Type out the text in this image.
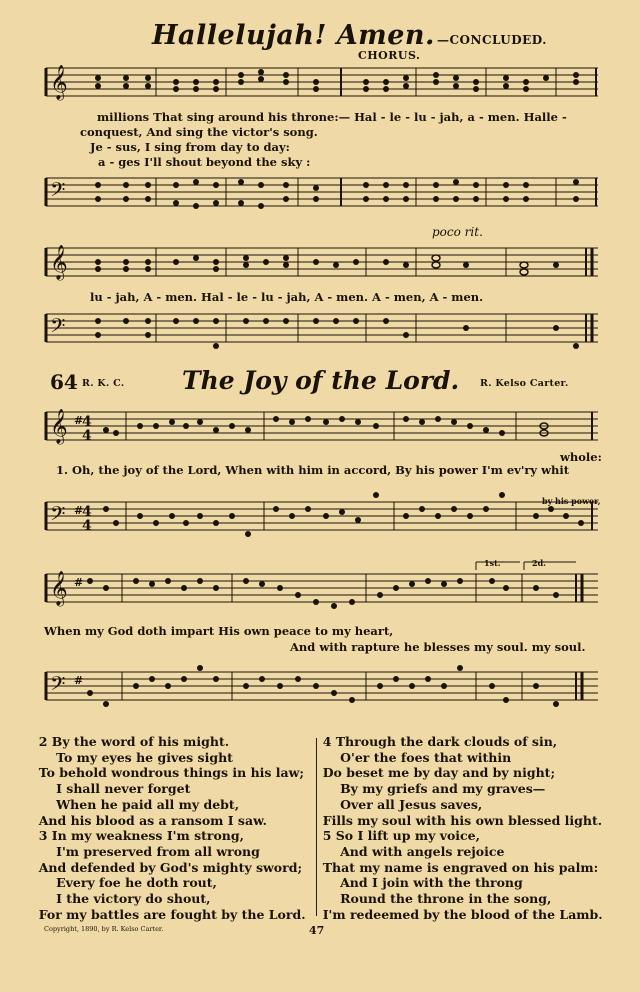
Hallelujah! Amen. —CONCLUDED.
CHORUS.
𝄞
millions That sing around his throne:— Hal - le - lu - jah, a - men. Halle -
conquest, And sing the victor's song.
Je - sus, I sing from day to day:
a - ges I'll shout beyond the sky :
𝄢
poco rit.
𝄞
lu - jah, A - men. Hal - le - lu - jah, A - men. A - men, A - men.
𝄢
64 R. K. C. The Joy of the Lord. R. Kelso Carter.
𝄞 #
4
4
whole:
1. Oh, the joy of the Lord, When with him in accord, By his power I'm ev'ry whit
𝄢 #
4
4
by his power,
𝄞 #
1st.	2d.
When my God doth impart His own peace to my heart,
And with rapture he blesses my soul. my soul.
𝄢 #
2 By the word of his might.
To my eyes he gives sight
To behold wondrous things in his law;
I shall never forget
When he paid all my debt,
And his blood as a ransom I saw.
3 In my weakness I'm strong,
I'm preserved from all wrong
And defended by God's mighty sword;
Every foe he doth rout,
I the victory do shout,
For my battles are fought by the Lord.
4 Through the dark clouds of sin,
O'er the foes that within
Do beset me by day and by night;
By my griefs and my graves—
Over all Jesus saves,
Fills my soul with his own blessed light.
5 So I lift up my voice,
And with angels rejoice
That my name is engraved on his palm:
And I join with the throng
Round the throne in the song,
I'm redeemed by the blood of the Lamb.
Copyright, 1890, by R. Kelso Carter.	47
